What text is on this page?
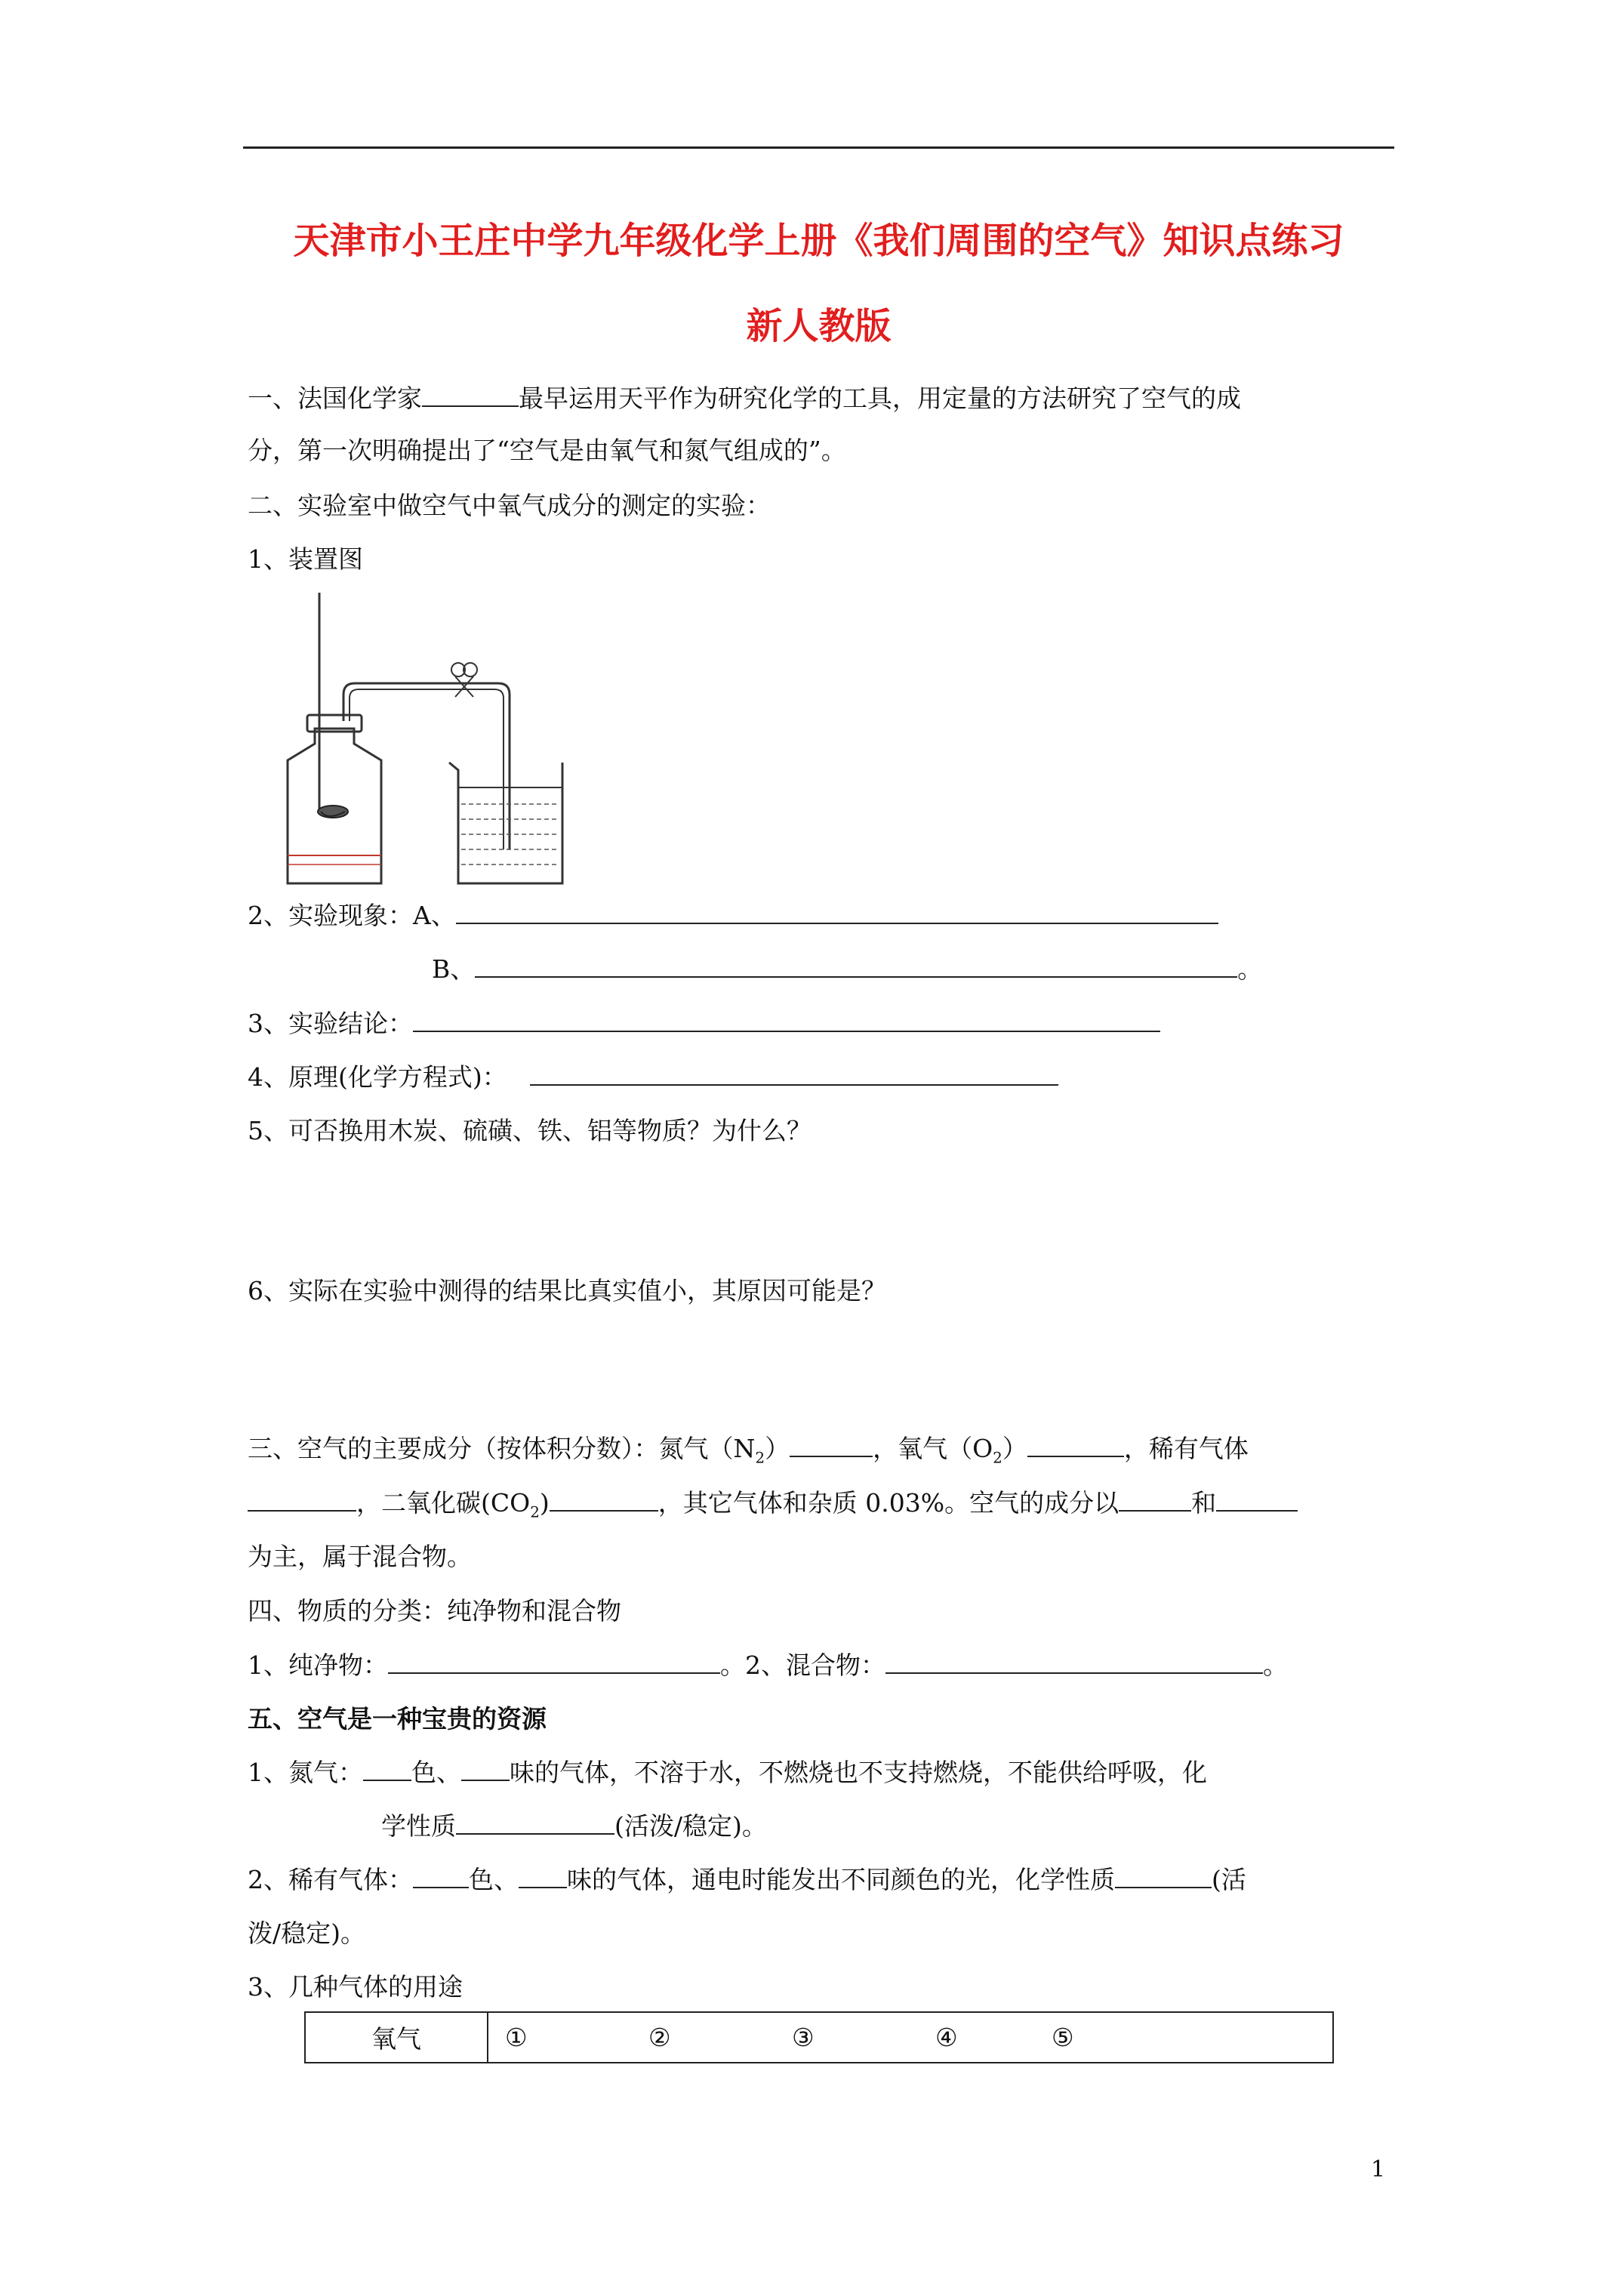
天津市小王庄中学九年级化学上册《我们周围的空气》知识点练习
新人教版
一、法国化学家	最早运用天平作为研究化学的工具，用定量的方法研究了空气的成
分，第一次明确提出了“空气是由氧气和氮气组成的”。
二、实验室中做空气中氧气成分的测定的实验：
1、装置图
2、实验现象：A、
B、	。
3、实验结论：
4、原理(化学方程式)：
5、可否换用木炭、硫磺、铁、铝等物质？为什么？
6、实际在实验中测得的结果比真实值小，其原因可能是？
三、空气的主要成分（按体积分数）：氮气$(N_2)$	，氧气$(O_2)$	，稀有气体
，二氧化碳$(CO_2)$	，其它气体和杂质 0.03%。空气的成分以	和
为主，属于混合物。
四、物质的分类：纯净物和混合物
1、纯净物：	。2、混合物：	。
五、空气是一种宝贵的资源
1、氮气： 色、 味的气体，不溶于水，不燃烧也不支持燃烧，不能供给呼吸，化
学性质	(活泼/稳定)。
2、稀有气体： 色、 味的气体，通电时能发出不同颜色的光，化学性质	(活
泼/稳定)。
3、几种气体的用途
氧气	①	②	③	④	⑤
1
